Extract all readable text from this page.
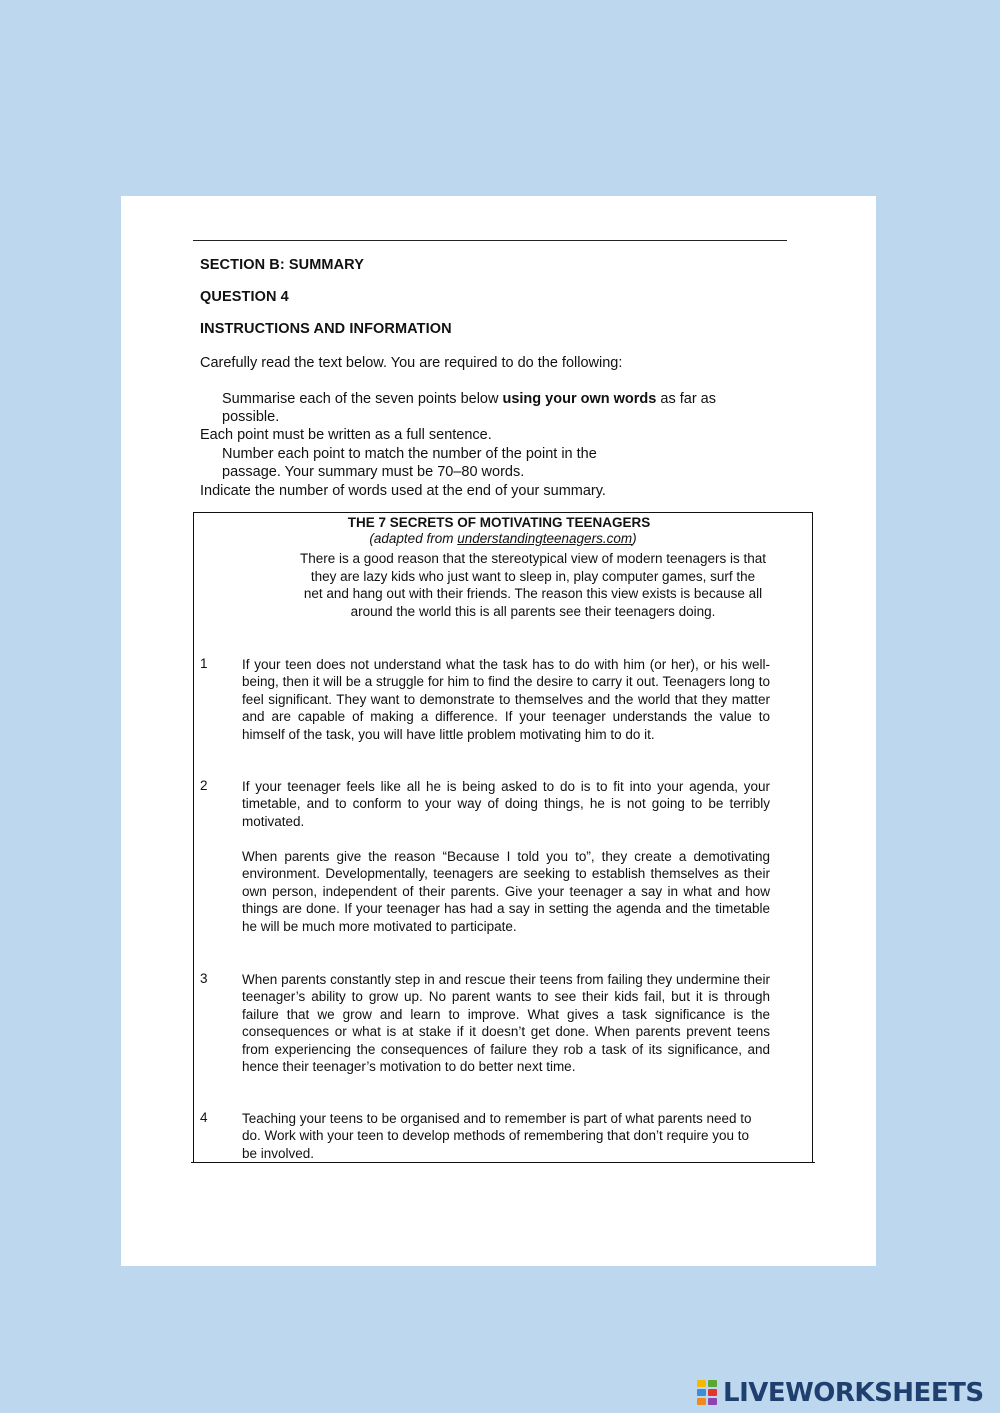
SECTION B: SUMMARY
QUESTION 4
INSTRUCTIONS AND INFORMATION
Carefully read the text below. You are required to do the following:
Summarise each of the seven points below using your own words as far as possible.
Each point must be written as a full sentence.
Number each point to match the number of the point in the passage. Your summary must be 70–80 words.
Indicate the number of words used at the end of your summary.
THE 7 SECRETS OF MOTIVATING TEENAGERS
(adapted from understandingteenagers.com)
There is a good reason that the stereotypical view of modern teenagers is that they are lazy kids who just want to sleep in, play computer games, surf the net and hang out with their friends. The reason this view exists is because all around the world this is all parents see their teenagers doing.
1	If your teen does not understand what the task has to do with him (or her), or his well-being, then it will be a struggle for him to find the desire to carry it out. Teenagers long to feel significant. They want to demonstrate to themselves and the world that they matter and are capable of making a difference. If your teenager understands the value to himself of the task, you will have little problem motivating him to do it.
2	If your teenager feels like all he is being asked to do is to fit into your agenda, your timetable, and to conform to your way of doing things, he is not going to be terribly motivated.
When parents give the reason “Because I told you to”, they create a demotivating environment. Developmentally, teenagers are seeking to establish themselves as their own person, independent of their parents. Give your teenager a say in what and how things are done. If your teenager has had a say in setting the agenda and the timetable he will be much more motivated to participate.
3	When parents constantly step in and rescue their teens from failing they undermine their teenager’s ability to grow up. No parent wants to see their kids fail, but it is through failure that we grow and learn to improve. What gives a task significance is the consequences or what is at stake if it doesn’t get done. When parents prevent teens from experiencing the consequences of failure they rob a task of its significance, and hence their teenager’s motivation to do better next time.
4	Teaching your teens to be organised and to remember is part of what parents need to do. Work with your teen to develop methods of remembering that don’t require you to be involved.
LIVEWORKSHEETS
